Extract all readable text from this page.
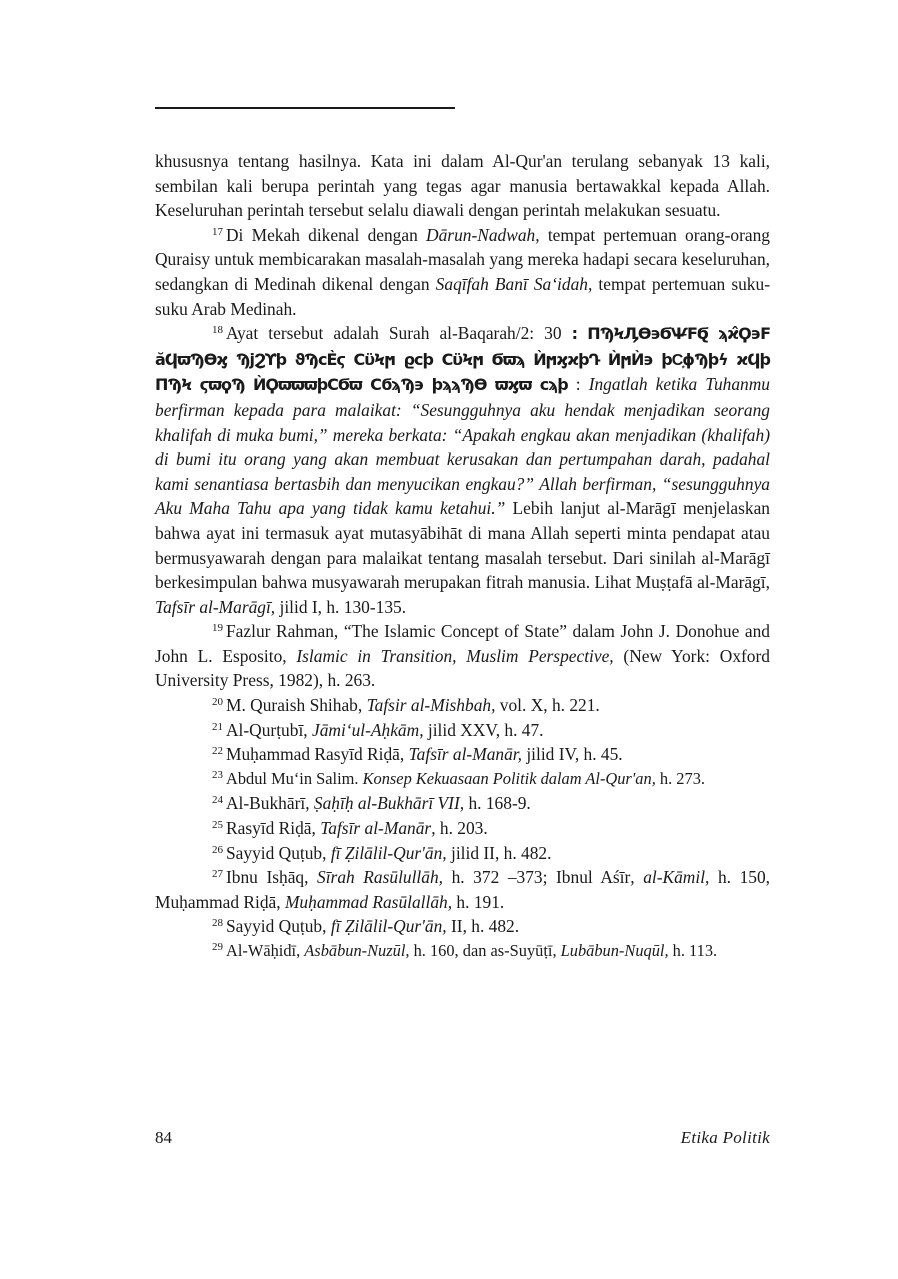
khususnya tentang hasilnya. Kata ini dalam Al-Qur'an terulang sebanyak 13 kali, sembilan kali berupa perintah yang tegas agar manusia bertawakkal kepada Allah. Keseluruhan perintah tersebut selalu diawali dengan perintah melakukan sesuatu.

$^{17}$ Di Mekah dikenal dengan Dārun-Nadwah, tempat pertemuan orang-orang Quraisy untuk membicarakan masalah-masalah yang mereka hadapi secara keseluruhan, sedangkan di Medinah dikenal dengan Saqīfah Banī Sa‘idah, tempat pertemuan suku-suku Arab Medinah.

$^{18}$ Ayat tersebut adalah Surah al-Baqarah/2: 30 : ΠϠϞӅϴ϶ϬѰ̵ϜϬ̢ ϡϰ̂Ϙ϶Ϝ ӑϤϖϠϴϗ ϠϳϨϒϸ ϑϠϲЀϛ ϹϋϞϻ ϱϲϸ ϹϋϞϻ Ϭϖϡ ЍϻϗϰϸԴ ЍϻЍ϶ ϸϹ͙ϕϠϸϟ ϰϤϸ ΠϠϞ ϛϖϙϠ ЍϘϖϖϖϸϹϬϖ ϹϭϡϠ϶ ϸϡϡϠϴ ϖϗϖ ϲϡϸ : Ingatlah ketika Tuhanmu berfirman kepada para malaikat: “Sesungguhnya aku hendak menjadikan seorang khalifah di muka bumi,” mereka berkata: “Apakah engkau akan menjadikan (khalifah) di bumi itu orang yang akan membuat kerusakan dan pertumpahan darah, padahal kami senantiasa bertasbih dan menyucikan engkau?” Allah berfirman, “sesungguhnya Aku Maha Tahu apa yang tidak kamu ketahui.” Lebih lanjut al-Marāgī menjelaskan bahwa ayat ini termasuk ayat mutasyābihāt di mana Allah seperti minta pendapat atau bermusyawarah dengan para malaikat tentang masalah tersebut. Dari sinilah al-Marāgī berkesimpulan bahwa musyawarah merupakan fitrah manusia. Lihat Muṣṭafā al-Marāgī, Tafsīr al-Marāgī, jilid I, h. 130-135.

$^{19}$ Fazlur Rahman, “The Islamic Concept of State” dalam John J. Donohue and John L. Esposito, Islamic in Transition, Muslim Perspective, (New York: Oxford University Press, 1982), h. 263.

$^{20}$ M. Quraish Shihab, Tafsir al-Mishbah, vol. X, h. 221.

$^{21}$ Al-Qurṭubī, Jāmi‘ul-Aḥkām, jilid XXV, h. 47.

$^{22}$ Muḥammad Rasyīd Riḍā, Tafsīr al-Manār, jilid IV, h. 45.

$^{23}$ Abdul Mu‘in Salim. Konsep Kekuasaan Politik dalam Al-Qur'an, h. 273.

$^{24}$ Al-Bukhārī, Ṣaḥīḥ al-Bukhārī VII, h. 168-9.

$^{25}$ Rasyīd Riḍā, Tafsīr al-Manār, h. 203.

$^{26}$ Sayyid Quṭub, fī Ẓilālil-Qur'ān, jilid II, h. 482.

$^{27}$ Ibnu Isḥāq, Sīrah Rasūlullāh, h. 372 –373; Ibnul Aśīr, al-Kāmil, h. 150, Muḥammad Riḍā, Muḥammad Rasūlallāh, h. 191.

$^{28}$ Sayyid Quṭub, fī Ẓilālil-Qur'ān, II, h. 482.

$^{29}$ Al-Wāḥidī, Asbābun-Nuzūl, h. 160, dan as-Suyūṭī, Lubābun-Nuqūl, h. 113.

84	Etika Politik
